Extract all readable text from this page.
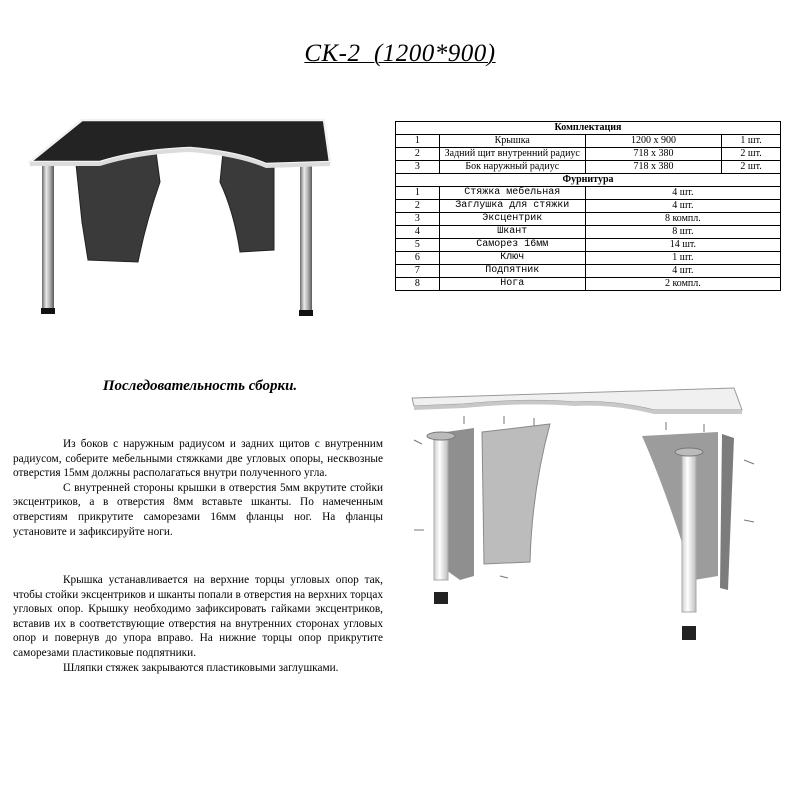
СК-2 (1200*900)
Комплектация			
1	Крышка	1200 x 900	1 шт.
2	Задний щит внутренний радиус	718 x 380	2 шт.
3	Бок наружный радиус	718 x 380	2 шт.
Фурнитура			
1	Стяжка мебельная	4 шт.	
2	Заглушка для стяжки	4 шт.	
3	Эксцентрик	8 компл.	
4	Шкант	8 шт.	
5	Саморез 16мм	14 шт.	
6	Ключ	1 шт.	
7	Подпятник	4 шт.	
8	Нога	2 компл.	
Последовательность сборки.

Из боков с наружным радиусом и задних щитов с внутренним радиусом, соберите мебельными стяжками две угловых опоры, несквозные отверстия 15мм должны располагаться внутри полученного угла.

С внутренней стороны крышки в отверстия 5мм вкрутите стойки эксцентриков, а в отверстия 8мм вставьте шканты. По намеченным отверстиям прикрутите саморезами 16мм фланцы ног. На фланцы установите и зафиксируйте ноги.

Крышка устанавливается на верхние торцы угловых опор так, чтобы стойки эксцентриков и шканты попали в отверстия на верхних торцах угловых опор. Крышку необходимо зафиксировать гайками эксцентриков, вставив их в соответствующие отверстия на внутренних сторонах угловых опор и повернув до упора вправо. На нижние торцы опор прикрутите саморезами пластиковые подпятники.

Шляпки стяжек закрываются пластиковыми заглушками.
